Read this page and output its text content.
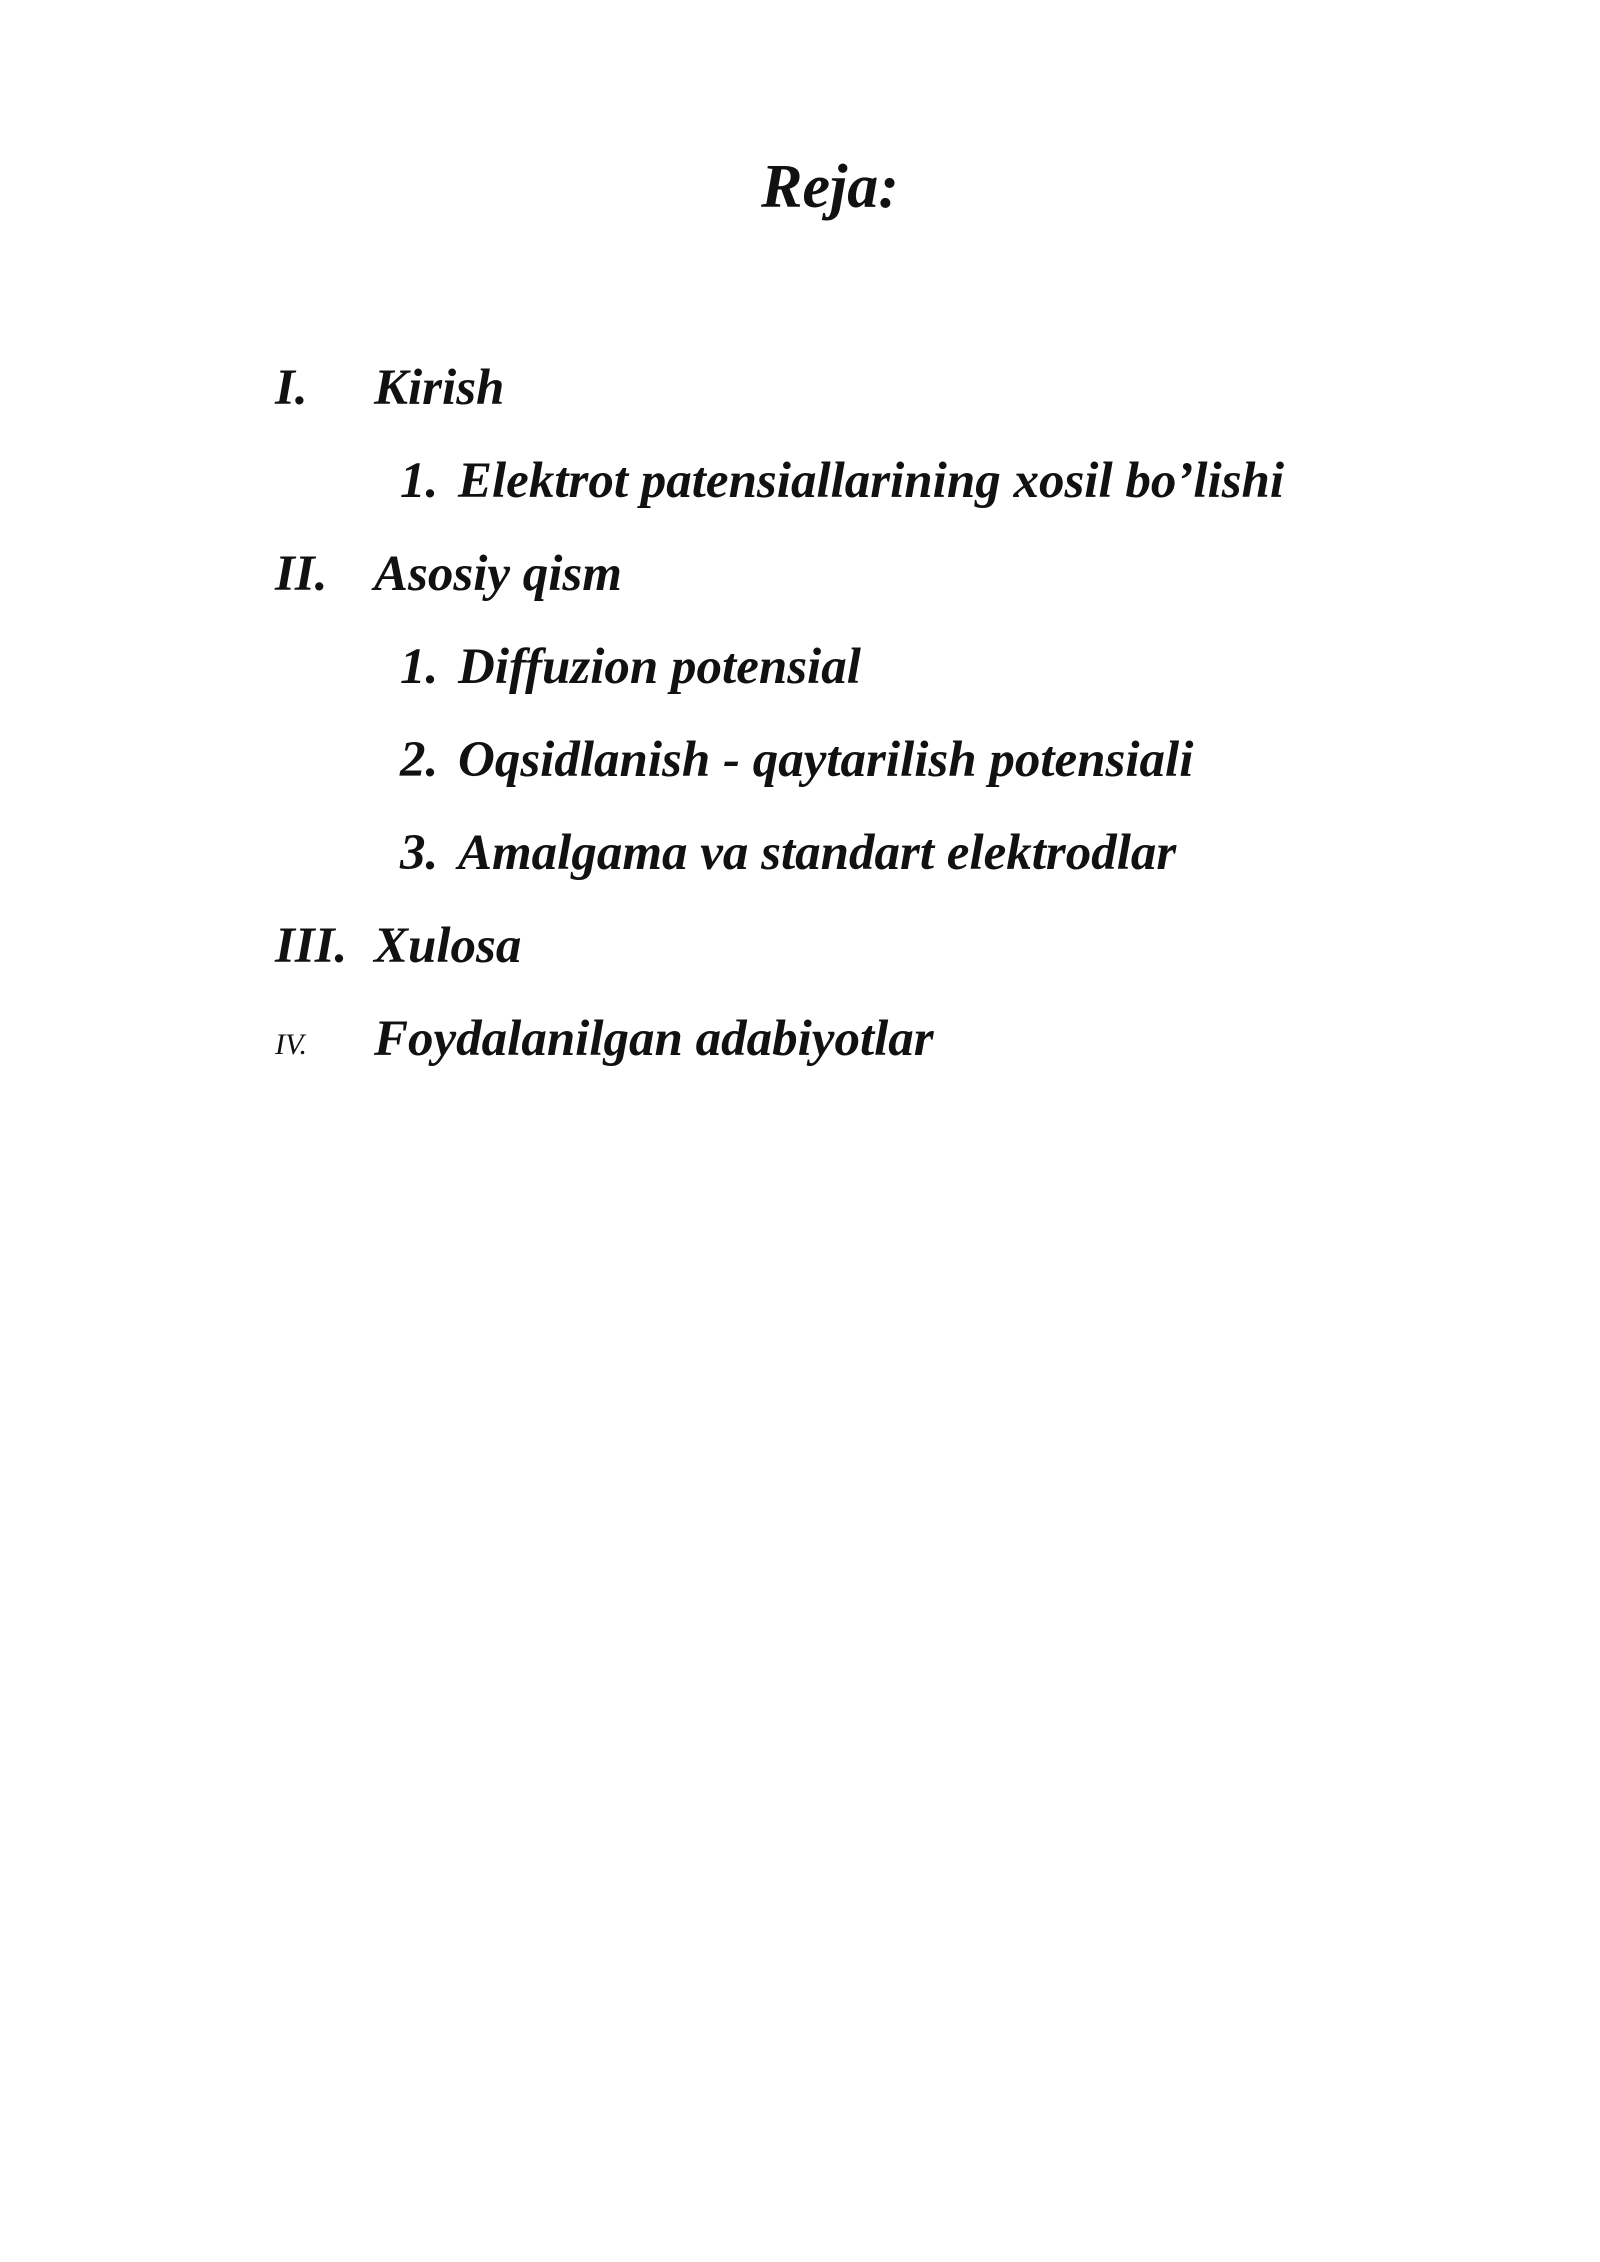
Reja:
I. Kirish
1. Elektrot patensiallarining xosil bo’lishi
II. Asosiy qism
1. Diffuzion potensial
2. Oqsidlanish - qaytarilish potensiali
3. Amalgama va standart elektrodlar
III. Xulosa
IV. Foydalanilgan adabiyotlar
